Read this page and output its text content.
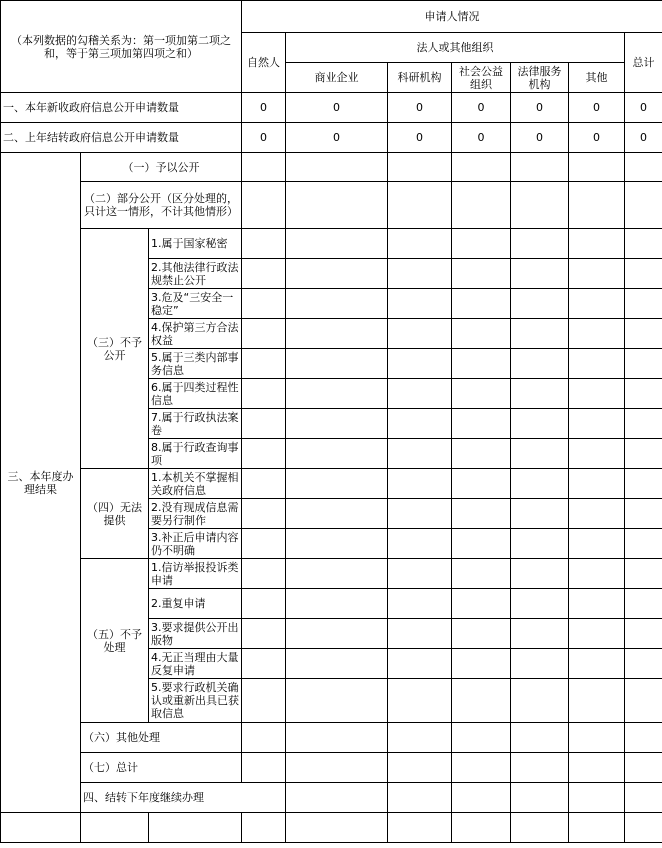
（本列数据的勾稽关系为：第一项加第二项之和，等于第三项加第四项之和）			申请人情况							
			自然人	法人或其他组织					总计	
				商业企业	科研机构	社会公益组织	法律服务机构	其他		
一、本年新收政府信息公开申请数量			0	0	0	0	0	0	0	
二、上年结转政府信息公开申请数量			0	0	0	0	0	0	0	
三、本年度办理结果	（一）予以公开									
	（二）部分公开（区分处理的，只计这一情形，不计其他情形）									
	（三）不予公开	1.属于国家秘密								
		2.其他法律行政法规禁止公开								
		3.危及“三安全一稳定”								
		4.保护第三方合法权益								
		5.属于三类内部事务信息								
		6.属于四类过程性信息								
		7.属于行政执法案卷								
		8.属于行政查询事项								
	（四）无法提供	1.本机关不掌握相关政府信息								
		2.没有现成信息需要另行制作								
		3.补正后申请内容仍不明确								
	（五）不予处理	1.信访举报投诉类申请								
		2.重复申请								
		3.要求提供公开出版物								
		4.无正当理由大量反复申请								
		5.要求行政机关确认或重新出具已获取信息								
	（六）其他处理									
	（七）总计									
	四、结转下年度继续办理									
